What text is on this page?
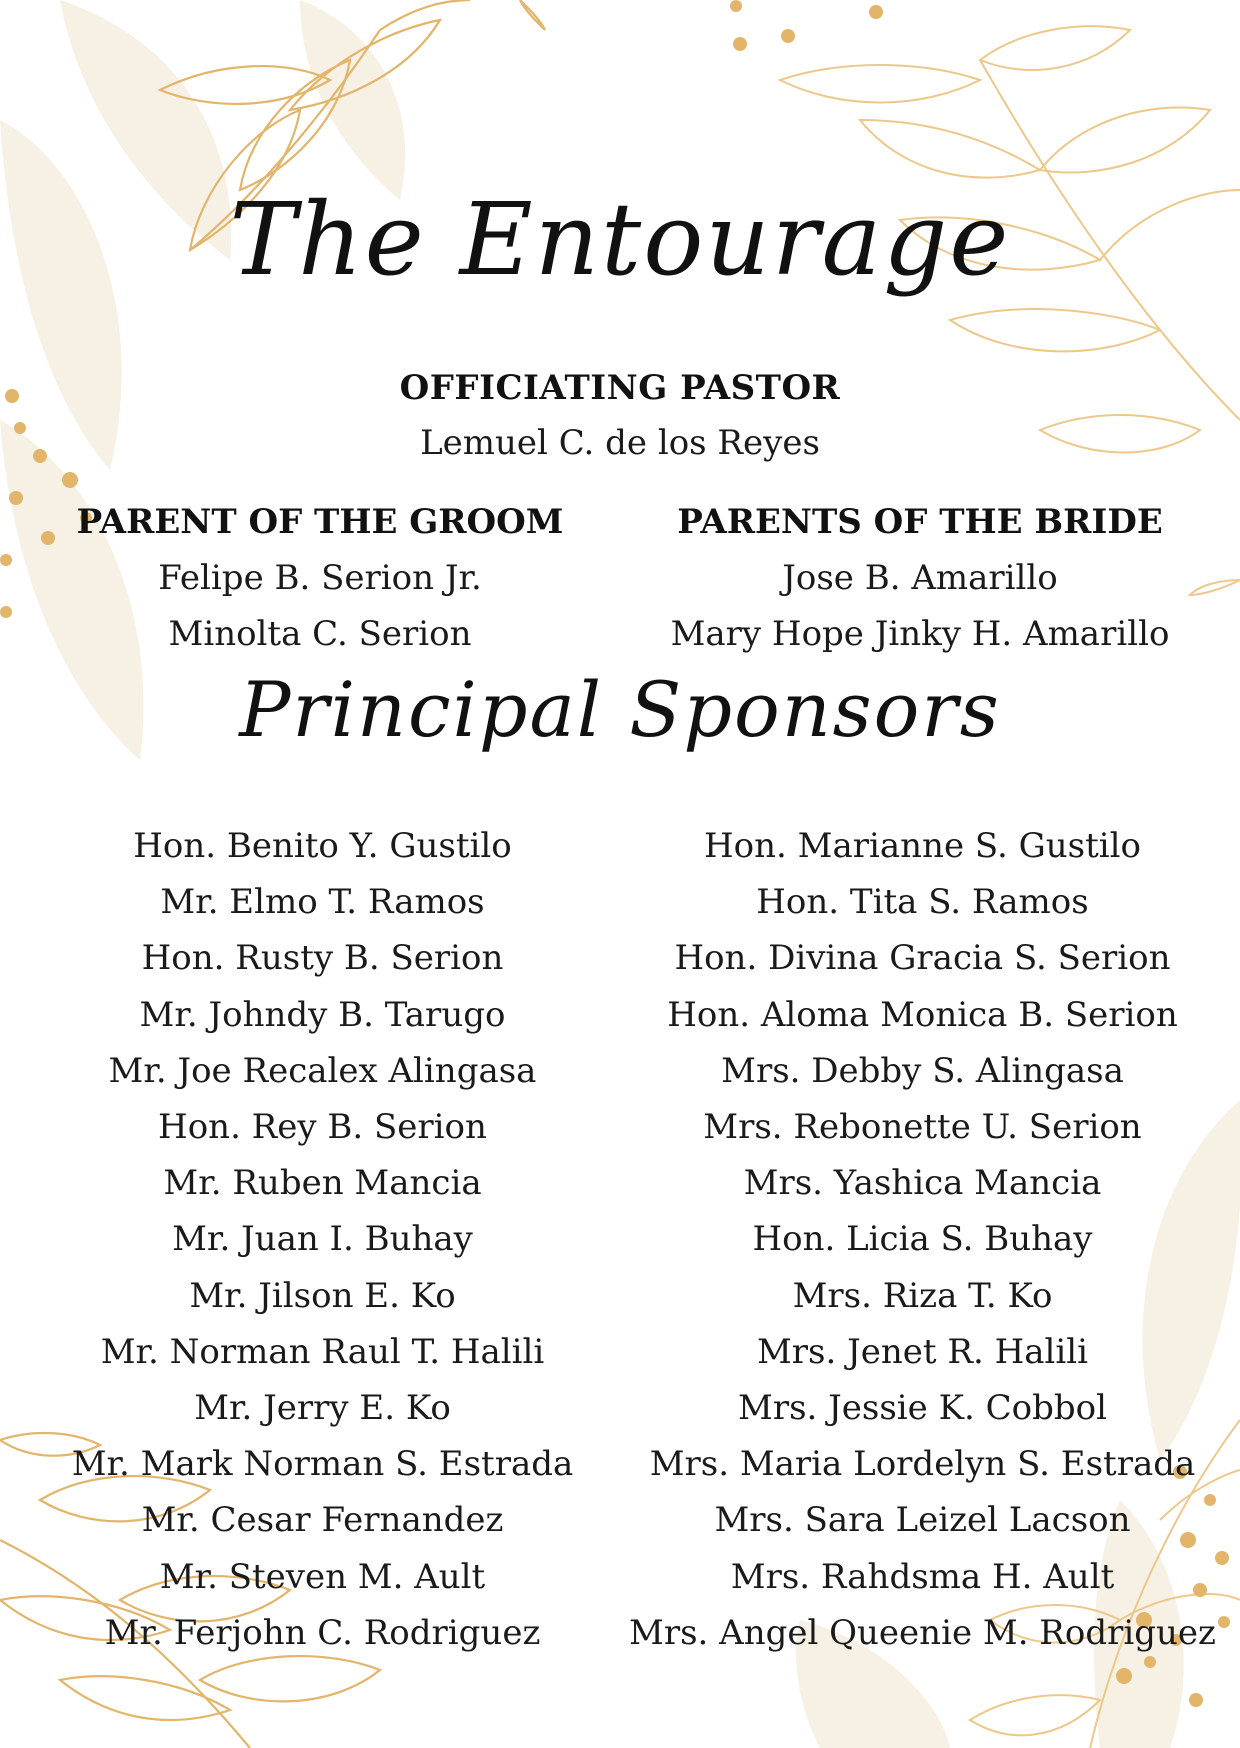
The Entourage
OFFICIATING PASTOR
Lemuel C. de los Reyes
PARENT OF THE GROOM
Felipe B. Serion Jr.
Minolta C. Serion
PARENTS OF THE BRIDE
Jose B. Amarillo
Mary Hope Jinky H. Amarillo
Principal Sponsors
Hon. Benito Y. Gustilo
Mr. Elmo T. Ramos
Hon. Rusty B. Serion
Mr. Johndy B. Tarugo
Mr. Joe Recalex Alingasa
Hon. Rey B. Serion
Mr. Ruben Mancia
Mr. Juan I. Buhay
Mr. Jilson E. Ko
Mr. Norman Raul T. Halili
Mr. Jerry E. Ko
Mr. Mark Norman S. Estrada
Mr. Cesar Fernandez
Mr. Steven M. Ault
Mr. Ferjohn C. Rodriguez
Hon. Marianne S. Gustilo
Hon. Tita S. Ramos
Hon. Divina Gracia S. Serion
Hon. Aloma Monica B. Serion
Mrs. Debby S. Alingasa
Mrs. Rebonette U. Serion
Mrs. Yashica Mancia
Hon. Licia S. Buhay
Mrs. Riza T. Ko
Mrs. Jenet R. Halili
Mrs. Jessie K. Cobbol
Mrs. Maria Lordelyn S. Estrada
Mrs. Sara Leizel Lacson
Mrs. Rahdsma H. Ault
Mrs. Angel Queenie M. Rodriguez
